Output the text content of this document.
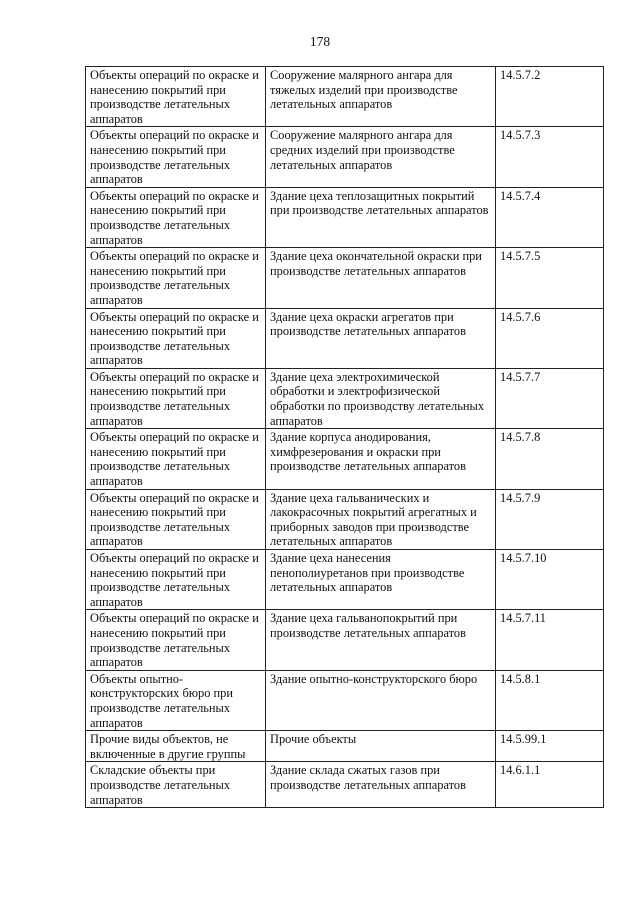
178
Объекты операций по окраске и нанесению покрытий при производстве летательных аппаратов	Сооружение малярного ангара для тяжелых изделий при производстве летательных аппаратов	14.5.7.2
Объекты операций по окраске и нанесению покрытий при производстве летательных аппаратов	Сооружение малярного ангара для средних изделий при производстве летательных аппаратов	14.5.7.3
Объекты операций по окраске и нанесению покрытий при производстве летательных аппаратов	Здание цеха теплозащитных покрытий при производстве летательных аппаратов	14.5.7.4
Объекты операций по окраске и нанесению покрытий при производстве летательных аппаратов	Здание цеха окончательной окраски при производстве летательных аппаратов	14.5.7.5
Объекты операций по окраске и нанесению покрытий при производстве летательных аппаратов	Здание цеха окраски агрегатов при производстве летательных аппаратов	14.5.7.6
Объекты операций по окраске и нанесению покрытий при производстве летательных аппаратов	Здание цеха электрохимической обработки и электрофизической обработки по производству летательных аппаратов	14.5.7.7
Объекты операций по окраске и нанесению покрытий при производстве летательных аппаратов	Здание корпуса анодирования, химфрезерования и окраски при производстве летательных аппаратов	14.5.7.8
Объекты операций по окраске и нанесению покрытий при производстве летательных аппаратов	Здание цеха гальванических и лакокрасочных покрытий агрегатных и приборных заводов при производстве летательных аппаратов	14.5.7.9
Объекты операций по окраске и нанесению покрытий при производстве летательных аппаратов	Здание цеха нанесения пенополиуретанов при производстве летательных аппаратов	14.5.7.10
Объекты операций по окраске и нанесению покрытий при производстве летательных аппаратов	Здание цеха гальванопокрытий при производстве летательных аппаратов	14.5.7.11
Объекты опытно-конструкторских бюро при производстве летательных аппаратов	Здание опытно-конструкторского бюро	14.5.8.1
Прочие виды объектов, не включенные в другие группы	Прочие объекты	14.5.99.1
Складские объекты при производстве летательных аппаратов	Здание склада сжатых газов при производстве летательных аппаратов	14.6.1.1
